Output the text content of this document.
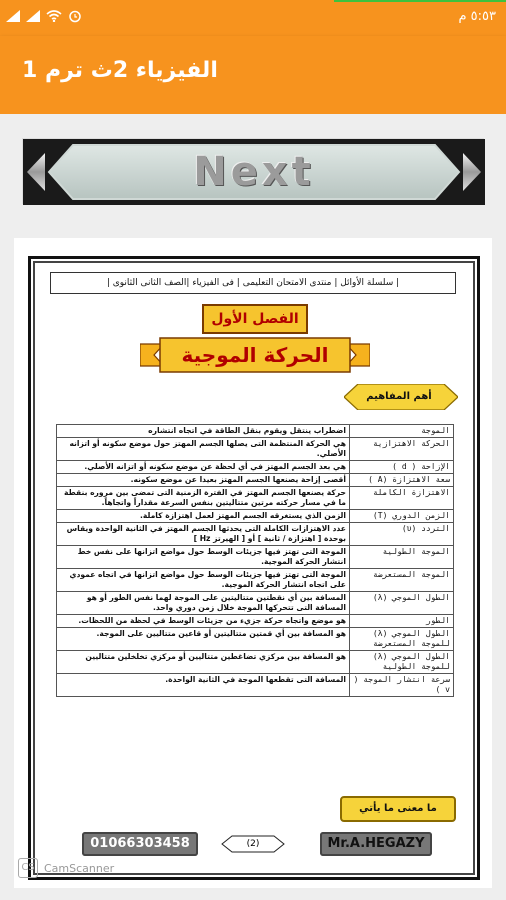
٥:٥٣ م
الفيزياء 2ث ترم 1
Next
| سلسلة الأوائل | منتدى الامتحان التعليمى | فى الفيزياء |الصف الثانى الثانوى |
الفصل الأول
الحركة الموجية
أهم المفاهيم
الموجة	اضطراب ينتقل ويقوم بنقل الطاقة في اتجاه انتشاره
الحركة الاهتزازية	هي الحركة المنتظمة التى يصلها الجسم المهتز حول موضع سكونه أو اتزانه الأصلي.
الإزاحة ( d )	هي بعد الجسم المهتز في أي لحظة عن موضع سكونه أو اتزانه الأصلي.
سعة الاهتزازة (A )	أقصى إزاحة يصنعها الجسم المهتز بعيدا عن موضع سكونه.
الاهتزازة الكاملة	حركة يصنعها الجسم المهتز في الفترة الزمنية التى تمضى بين مروره بنقطة ما في مسار حركته مرتين متتاليتين بنفس السرعة مقداراً واتجاهاً.
الزمن الدوري (T)	الزمن الذي يستغرقه الجسم المهتز لعمل اهتزازة كاملة.
التردد (υ)	عدد الاهتزازات الكاملة التى يحدثها الجسم المهتز في الثانية الواحدة ويقاس بوحدة [ اهتزازة / ثانية ] أو [ الهيرتز Hz ]
الموجة الطولية	الموجة التى تهتز فيها جزيئات الوسط حول مواضع اتزانها على نفس خط انتشار الحركة الموجية.
الموجة المستعرضة	الموجة التى تهتز فيها جزيئات الوسط حول مواضع اتزانها في اتجاه عمودي على اتجاه انتشار الحركة الموجية.
الطول الموجي (λ)	المسافة بين أي نقطتين متتاليتين على الموجة لهما نفس الطور أو هو المسافة التى تتحركها الموجة خلال زمن دوري واحد.
الطور	هو موضع واتجاه حركة جزيء من جزيئات الوسط في لحظة من اللحظات.
الطول الموجي (λ) للموجة المستعرضة	هو المسافة بين أي قمتين متتاليتين أو قاعين متتاليين على الموجة.
الطول الموجي (λ) للموجة الطولية	هو المسافة بين مركزي تضاغطين متتاليين أو مركزي تخلخلين متتاليين
سرعة انتشار الموجة ( v )	المسافة التى تقطعها الموجة في الثانية الواحدة.
ما معنى ما يأتي
01066303458	(2)	Mr.A.HEGAZY
CS CamScanner
